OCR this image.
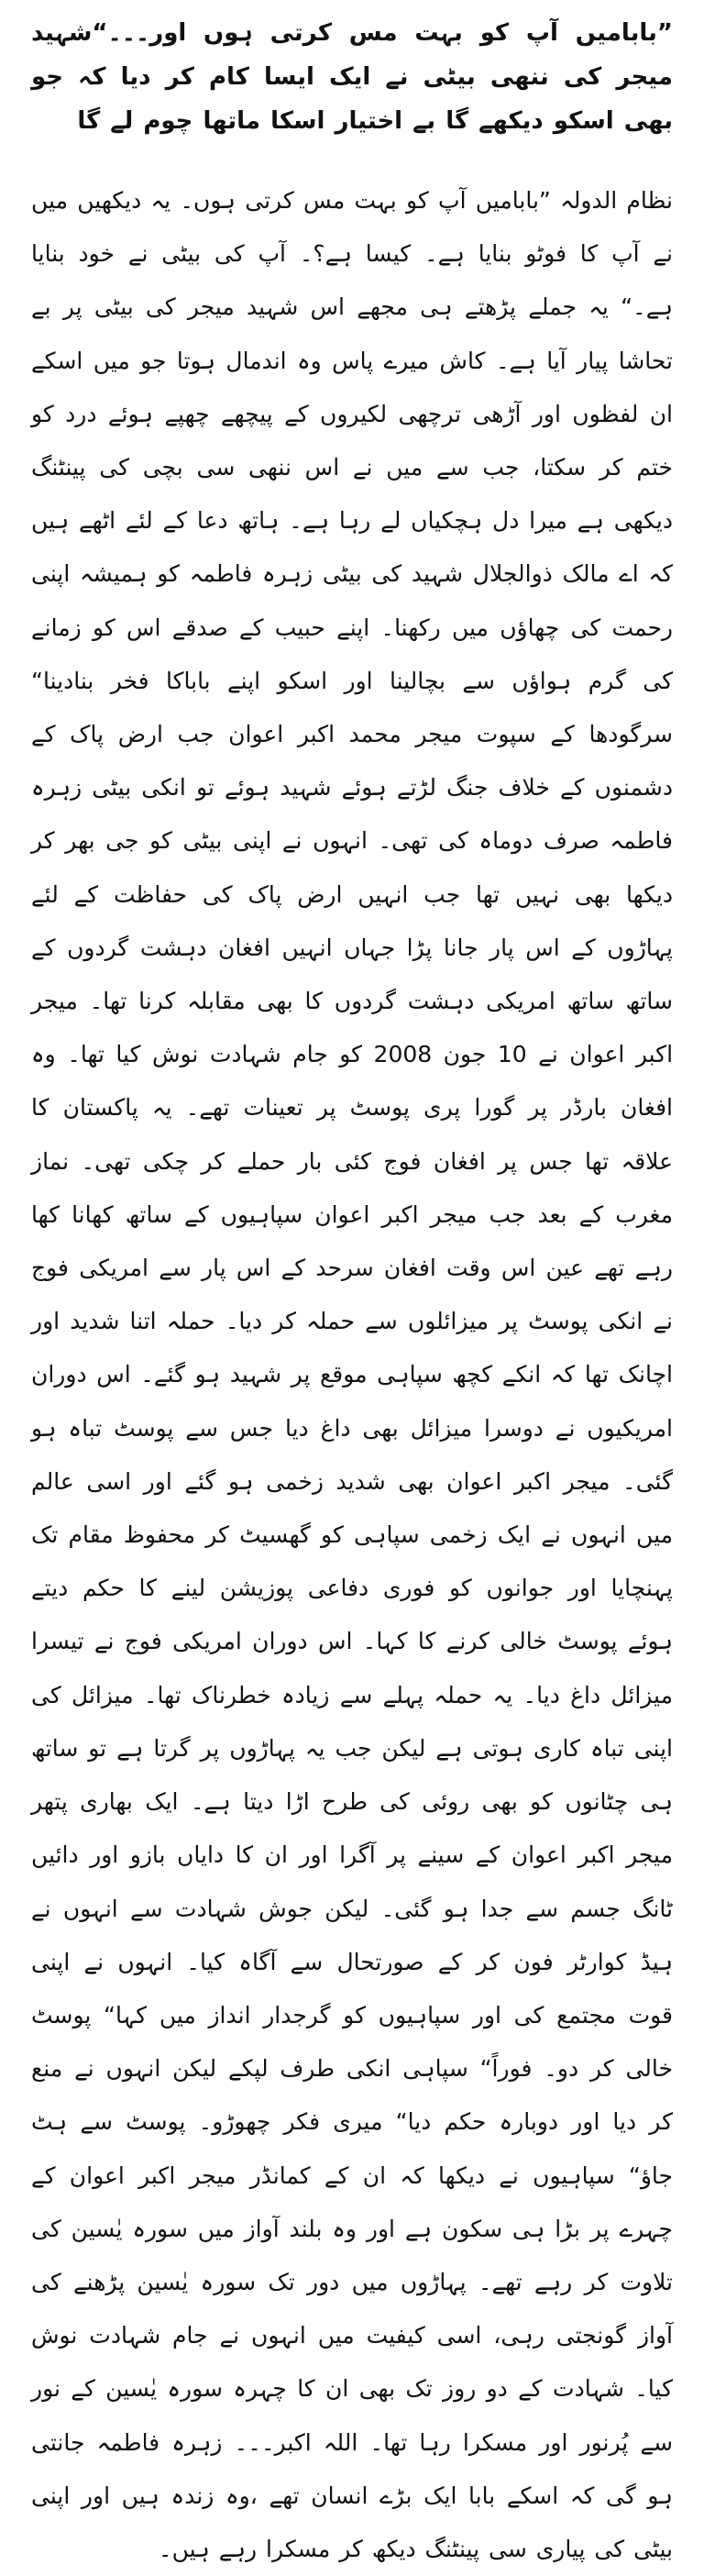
”بابامیں آپ کو بہت مس کرتی ہوں اور۔۔۔“شہید میجر کی ننھی بیٹی نے ایک ایسا کام کر دیا کہ جو بھی اسکو دیکھے گا بے اختیار اسکا ماتھا چوم لے گا

نظام الدولہ ”بابامیں آپ کو بہت مس کرتی ہوں۔ یہ دیکھیں میں نے آپ کا فوٹو بنایا ہے۔ کیسا ہے؟۔ آپ کی بیٹی نے خود بنایا ہے۔“ یہ جملے پڑھتے ہی مجھے اس شہید میجر کی بیٹی پر بے تحاشا پیار آیا ہے۔ کاش میرے پاس وہ اندمال ہوتا جو میں اسکے ان لفظوں اور آڑھی ترچھی لکیروں کے پیچھے چھپے ہوئے درد کو ختم کر سکتا، جب سے میں نے اس ننھی سی بچی کی پینٹنگ دیکھی ہے میرا دل ہچکیاں لے رہا ہے۔ ہاتھ دعا کے لئے اٹھے ہیں کہ اے مالک ذوالجلال شہید کی بیٹی زہرہ فاطمہ کو ہمیشہ اپنی رحمت کی چھاؤں میں رکھنا۔ اپنے حبیب کے صدقے اس کو زمانے کی گرم ہواؤں سے بچالینا اور اسکو اپنے باباکا فخر بنادینا“ سرگودھا کے سپوت میجر محمد اکبر اعوان جب ارض پاک کے دشمنوں کے خلاف جنگ لڑتے ہوئے شہید ہوئے تو انکی بیٹی زہرہ فاطمہ صرف دوماہ کی تھی۔ انہوں نے اپنی بیٹی کو جی بھر کر دیکھا بھی نہیں تھا جب انہیں ارض پاک کی حفاظت کے لئے پہاڑوں کے اس پار جانا پڑا جہاں انہیں افغان دہشت گردوں کے ساتھ ساتھ امریکی دہشت گردوں کا بھی مقابلہ کرنا تھا۔ میجر اکبر اعوان نے 10 جون 2008 کو جام شہادت نوش کیا تھا۔ وہ افغان بارڈر پر گورا پری پوسٹ پر تعینات تھے۔ یہ پاکستان کا علاقہ تھا جس پر افغان فوج کئی بار حملے کر چکی تھی۔ نماز مغرب کے بعد جب میجر اکبر اعوان سپاہیوں کے ساتھ کھانا کھا رہے تھے عین اس وقت افغان سرحد کے اس پار سے امریکی فوج نے انکی پوسٹ پر میزائلوں سے حملہ کر دیا۔ حملہ اتنا شدید اور اچانک تھا کہ انکے کچھ سپاہی موقع پر شہید ہو گئے۔ اس دوران امریکیوں نے دوسرا میزائل بھی داغ دیا جس سے پوسٹ تباہ ہو گئی۔ میجر اکبر اعوان بھی شدید زخمی ہو گئے اور اسی عالم میں انہوں نے ایک زخمی سپاہی کو گھسیٹ کر محفوظ مقام تک پہنچایا اور جوانوں کو فوری دفاعی پوزیشن لینے کا حکم دیتے ہوئے پوسٹ خالی کرنے کا کہا۔ اس دوران امریکی فوج نے تیسرا میزائل داغ دیا۔ یہ حملہ پہلے سے زیادہ خطرناک تھا۔ میزائل کی اپنی تباہ کاری ہوتی ہے لیکن جب یہ پہاڑوں پر گرتا ہے تو ساتھ ہی چٹانوں کو بھی روئی کی طرح اڑا دیتا ہے۔ ایک بھاری پتھر میجر اکبر اعوان کے سینے پر آگرا اور ان کا دایاں بازو اور دائیں ٹانگ جسم سے جدا ہو گئی۔ لیکن جوش شہادت سے انہوں نے ہیڈ کوارٹر فون کر کے صورتحال سے آگاہ کیا۔ انہوں نے اپنی قوت مجتمع کی اور سپاہیوں کو گرجدار انداز میں کہا“ پوسٹ خالی کر دو۔ فوراً“ سپاہی انکی طرف لپکے لیکن انہوں نے منع کر دیا اور دوبارہ حکم دیا“ میری فکر چھوڑو۔ پوسٹ سے ہٹ جاؤ“ سپاہیوں نے دیکھا کہ ان کے کمانڈر میجر اکبر اعوان کے چہرے پر بڑا ہی سکون ہے اور وہ بلند آواز میں سورہ یٰسین کی تلاوت کر رہے تھے۔ پہاڑوں میں دور تک سورہ یٰسین پڑھنے کی آواز گونجتی رہی، اسی کیفیت میں انہوں نے جام شہادت نوش کیا۔ شہادت کے دو روز تک بھی ان کا چہرہ سورہ یٰسین کے نور سے پُرنور اور مسکرا رہا تھا۔ اللہ اکبر۔۔۔ زہرہ فاطمہ جانتی ہو گی کہ اسکے بابا ایک بڑے انسان تھے ،وہ زندہ ہیں اور اپنی بیٹی کی پیاری سی پینٹنگ دیکھ کر مسکرا رہے ہیں۔
